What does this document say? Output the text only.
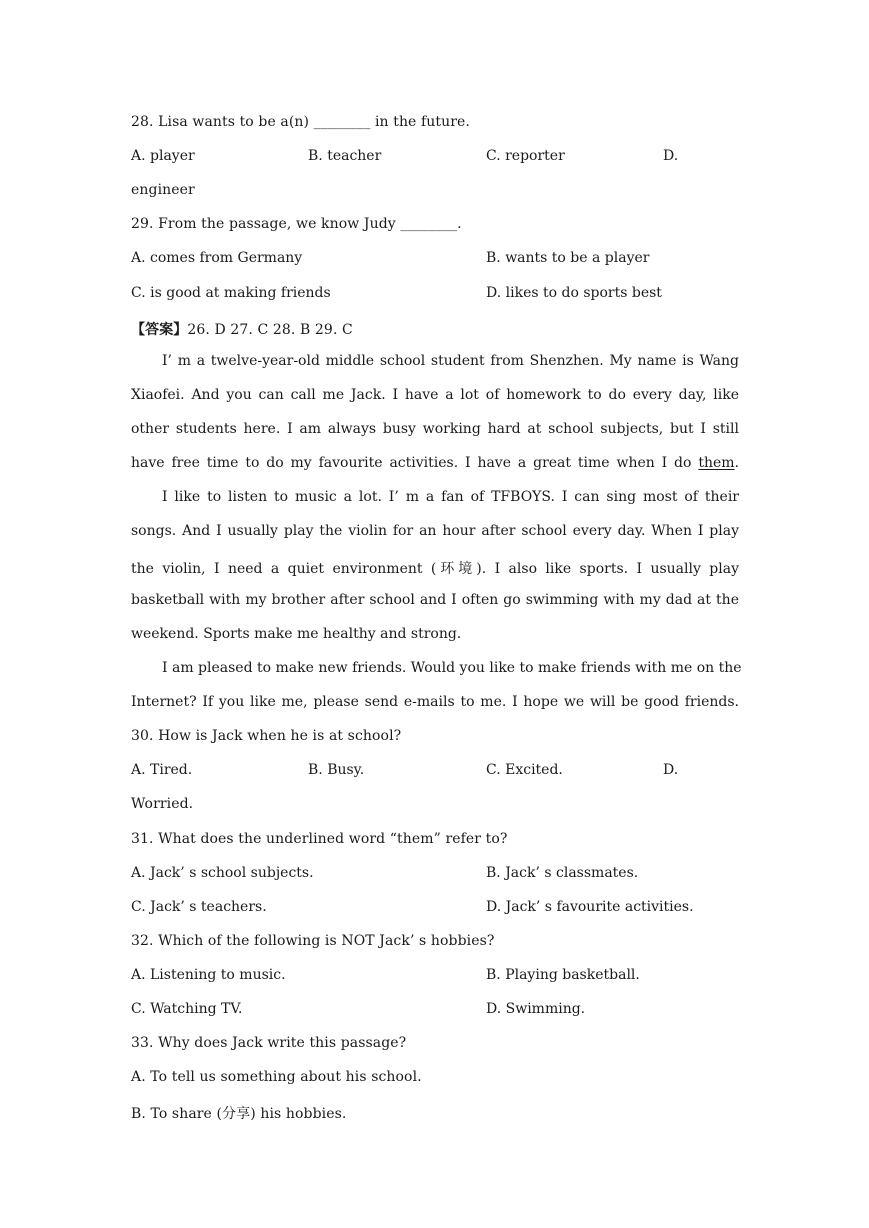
28. Lisa wants to be a(n) ________ in the future.
A. player	B. teacher	C. reporter	D.
engineer
29. From the passage, we know Judy ________.
A. comes from Germany	B. wants to be a player
C. is good at making friends	D. likes to do sports best
【答案】26. D 27. C 28. B 29. C
I’ m a twelve-year-old middle school student from Shenzhen. My name is Wang
Xiaofei. And you can call me Jack. I have a lot of homework to do every day, like
other students here. I am always busy working hard at school subjects, but I still
have free time to do my favourite activities. I have a great time when I do them.
I like to listen to music a lot. I’ m a fan of TFBOYS. I can sing most of their
songs. And I usually play the violin for an hour after school every day. When I play
the violin, I need a quiet environment (环境). I also like sports. I usually play
basketball with my brother after school and I often go swimming with my dad at the
weekend. Sports make me healthy and strong.
I am pleased to make new friends. Would you like to make friends with me on the
Internet? If you like me, please send e-mails to me. I hope we will be good friends.
30. How is Jack when he is at school?
A. Tired.	B. Busy.	C. Excited.	D.
Worried.
31. What does the underlined word “them” refer to?
A. Jack’ s school subjects.	B. Jack’ s classmates.
C. Jack’ s teachers.	D. Jack’ s favourite activities.
32. Which of the following is NOT Jack’ s hobbies?
A. Listening to music.	B. Playing basketball.
C. Watching TV.	D. Swimming.
33. Why does Jack write this passage?
A. To tell us something about his school.
B. To share (分享) his hobbies.
